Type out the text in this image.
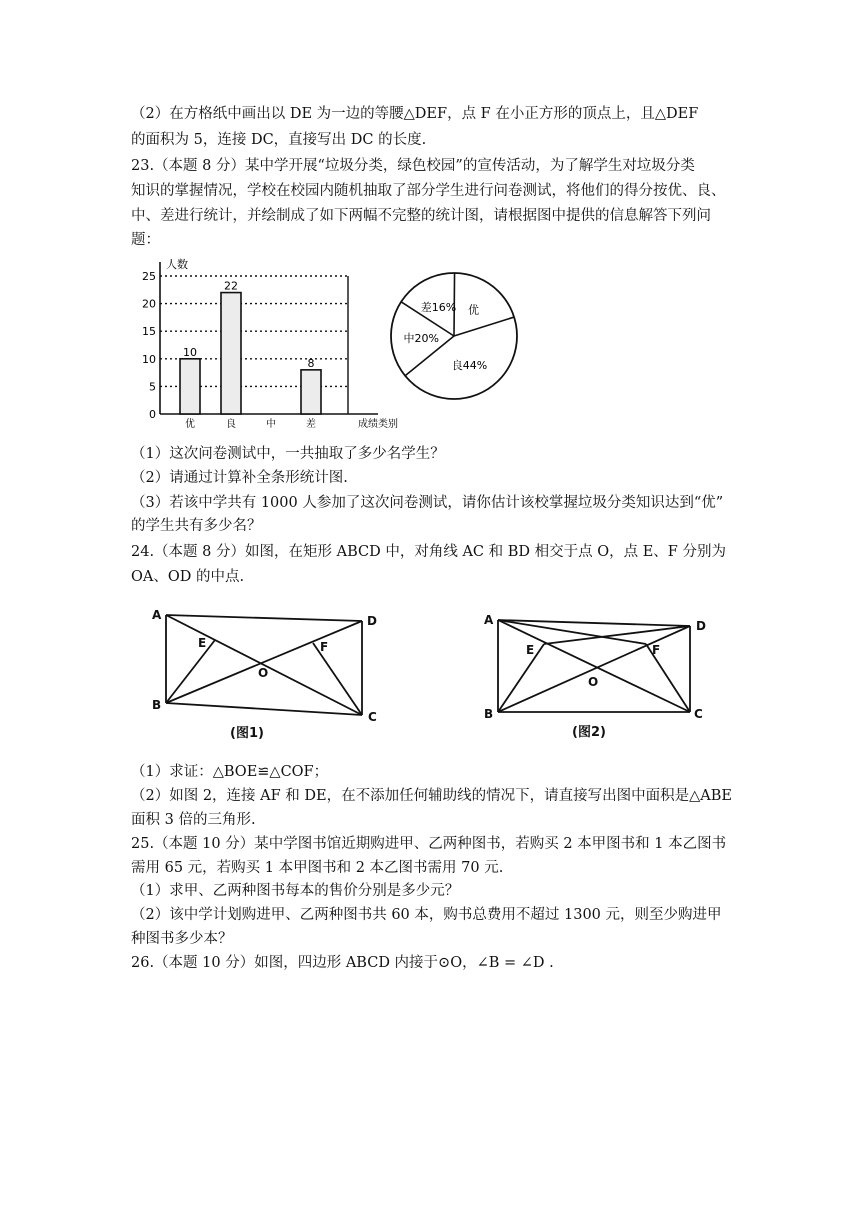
（2）在方格纸中画出以 DE 为一边的等腰△DEF，点 F 在小正方形的顶点上，且△DEF
的面积为 5，连接 DC，直接写出 DC 的长度.
23.（本题 8 分）某中学开展“垃圾分类，绿色校园”的宣传活动，为了解学生对垃圾分类
知识的掌握情况，学校在校园内随机抽取了部分学生进行问卷测试，将他们的得分按优、良、
中、差进行统计，并绘制成了如下两幅不完整的统计图，请根据图中提供的信息解答下列问
题：
0
5
10
15
20
25
人数
成绩类别
优
10
良
22
中	差
8
优
良44%
中20%
差16%
（1）这次问卷测试中，一共抽取了多少名学生？
（2）请通过计算补全条形统计图.
（3）若该中学共有 1000 人参加了这次问卷测试，请你估计该校掌握垃圾分类知识达到“优”
的学生共有多少名？
24.（本题 8 分）如图，在矩形 ABCD 中，对角线 AC 和 BD 相交于点 O，点 E、F 分别为
OA、OD 的中点.
A	D
E	F
O
B
C
(图1)
A	D
E	F
O
B	C
(图2)
（1）求证：△BOE≌△COF；
（2）如图 2，连接 AF 和 DE，在不添加任何辅助线的情况下，请直接写出图中面积是△ABE
面积 3 倍的三角形.
25.（本题 10 分）某中学图书馆近期购进甲、乙两种图书，若购买 2 本甲图书和 1 本乙图书
需用 65 元，若购买 1 本甲图书和 2 本乙图书需用 70 元.
（1）求甲、乙两种图书每本的售价分别是多少元？
（2）该中学计划购进甲、乙两种图书共 60 本，购书总费用不超过 1300 元，则至少购进甲
种图书多少本？
26.（本题 10 分）如图，四边形 ABCD 内接于⊙O，∠B = ∠D .
